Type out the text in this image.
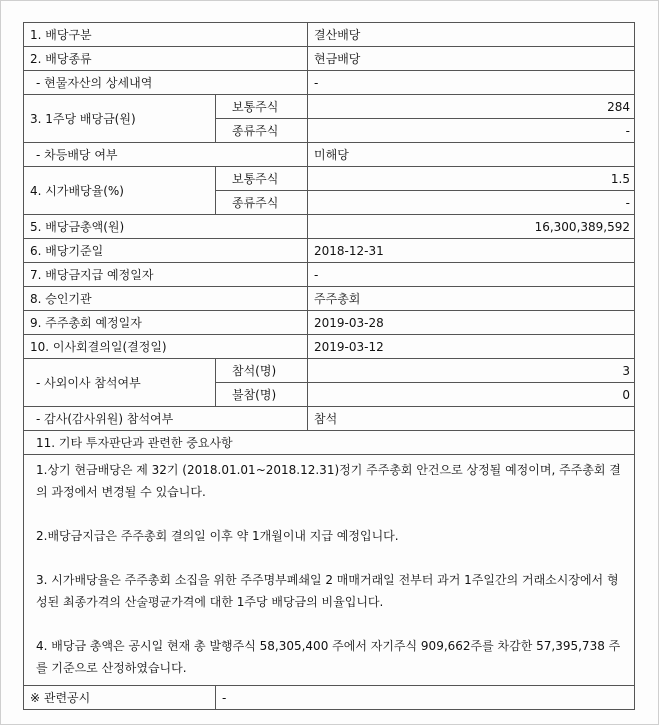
1. 배당구분		결산배당
2. 배당종류		현금배당
- 현물자산의 상세내역		-
3. 1주당 배당금(원)	보통주식	284
	종류주식	-
- 차등배당 여부		미해당
4. 시가배당율(%)	보통주식	1.5
	종류주식	-
5. 배당금총액(원)		16,300,389,592
6. 배당기준일		2018-12-31
7. 배당금지급 예정일자		-
8. 승인기관		주주총회
9. 주주총회 예정일자		2019-03-28
10. 이사회결의일(결정일)		2019-03-12
- 사외이사 참석여부	참석(명)	3
	불참(명)	0
- 감사(감사위원) 참석여부		참석
11. 기타 투자판단과 관련한 중요사항		

1.상기 현금배당은 제 32기 (2018.01.01~2018.12.31)정기 주주총회 안건으로 상정될 예정이며, 주주총회 결의 과정에서 변경될 수 있습니다.
2.배당금지급은 주주총회 결의일 이후 약 1개월이내 지급 예정입니다.
3. 시가배당율은 주주총회 소집을 위한 주주명부폐쇄일 2 매매거래일 전부터 과거 1주일간의 거래소시장에서 형성된 최종가격의 산술평균가격에 대한 1주당 배당금의 비율입니다.
4. 배당금 총액은 공시일 현재 총 발행주식 58,305,400 주에서 자기주식 909,662주를 차감한 57,395,738 주를 기준으로 산정하였습니다.		

※ 관련공시	-	
